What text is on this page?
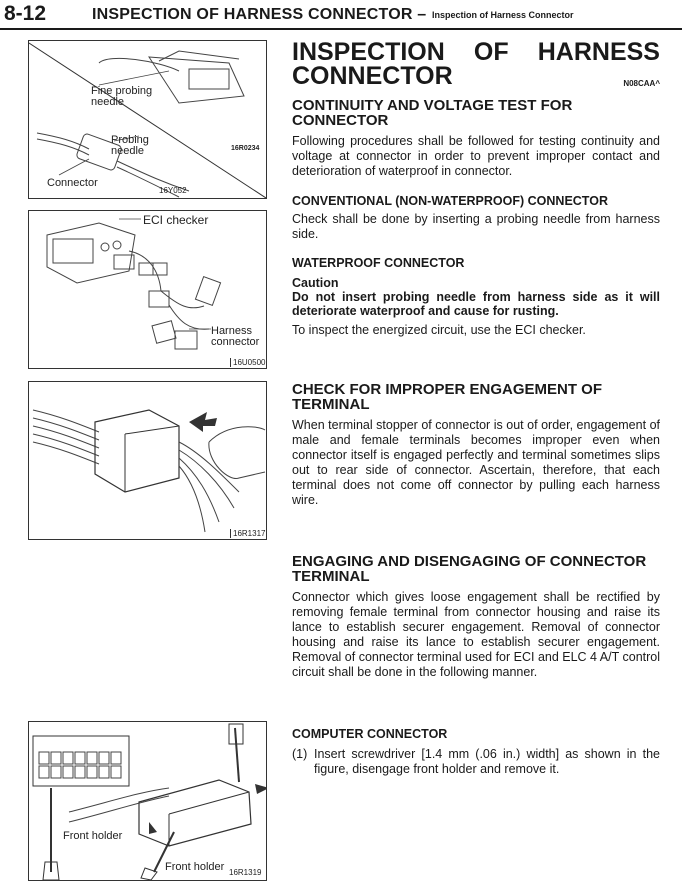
8-12	INSPECTION OF HARNESS CONNECTOR – Inspection of Harness Connector
Fine probing needle
Probing needle
Connector
16R0234
16Y052
ECI checker
Harness connector
16U0500
16R1317
Front holder
Front holder 16R1319
INSPECTION OF HARNESS
CONNECTOR	N08CAA^
CONTINUITY AND VOLTAGE TEST FOR CONNECTOR
Following procedures shall be followed for testing continuity and voltage at connector in order to prevent improper contact and deterioration of waterproof in connector.
CONVENTIONAL (NON-WATERPROOF) CONNECTOR
Check shall be done by inserting a probing needle from harness side.
WATERPROOF CONNECTOR
Caution
Do not insert probing needle from harness side as it will deteriorate waterproof and cause for rusting.
To inspect the energized circuit, use the ECI checker.
CHECK FOR IMPROPER ENGAGEMENT OF TERMINAL
When terminal stopper of connector is out of order, engagement of male and female terminals becomes improper even when connector itself is engaged perfectly and terminal sometimes slips out to rear side of connector. Ascertain, therefore, that each terminal does not come off connector by pulling each harness wire.
ENGAGING AND DISENGAGING OF CONNECTOR TERMINAL
Connector which gives loose engagement shall be rectified by removing female terminal from connector housing and raise its lance to establish securer engagement. Removal of connector housing and raise its lance to establish securer engagement. Removal of connector terminal used for ECI and ELC 4 A/T control circuit shall be done in the following manner.
COMPUTER CONNECTOR
(1) Insert screwdriver [1.4 mm (.06 in.) width] as shown in the figure, disengage front holder and remove it.
